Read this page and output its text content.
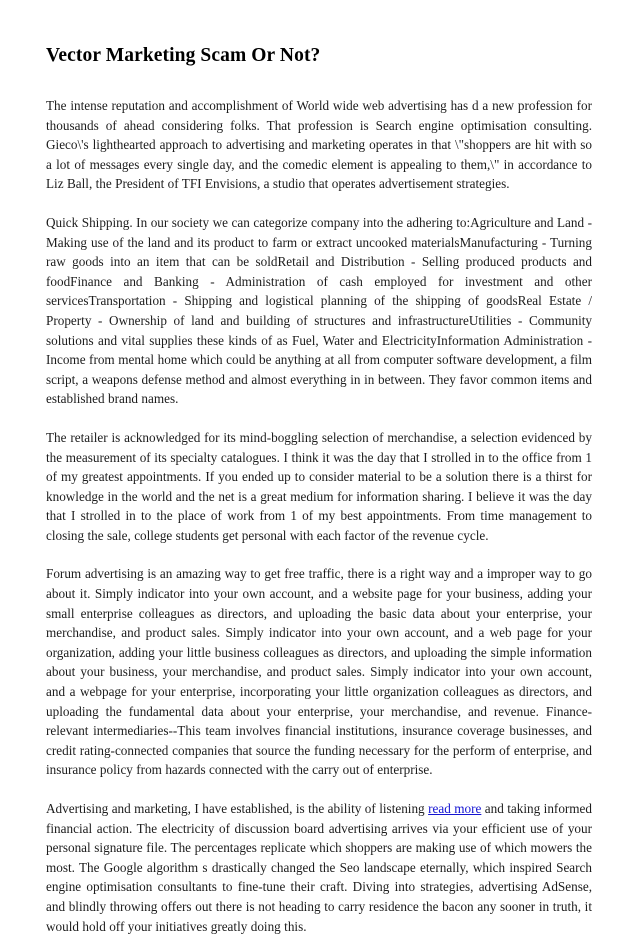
Vector Marketing Scam Or Not?

The intense reputation and accomplishment of World wide web advertising has d a new profession for thousands of ahead considering folks. That profession is Search engine optimisation consulting. Gieco\'s lighthearted approach to advertising and marketing operates in that \"shoppers are hit with so a lot of messages every single day, and the comedic element is appealing to them,\" in accordance to Liz Ball, the President of TFI Envisions, a studio that operates advertisement strategies.

Quick Shipping. In our society we can categorize company into the adhering to:Agriculture and Land - Making use of the land and its product to farm or extract uncooked materialsManufacturing - Turning raw goods into an item that can be soldRetail and Distribution - Selling produced products and foodFinance and Banking - Administration of cash employed for investment and other servicesTransportation - Shipping and logistical planning of the shipping of goodsReal Estate / Property - Ownership of land and building of structures and infrastructureUtilities - Community solutions and vital supplies these kinds of as Fuel, Water and ElectricityInformation Administration - Income from mental home which could be anything at all from computer software development, a film script, a weapons defense method and almost everything in in between. They favor common items and established brand names.

The retailer is acknowledged for its mind-boggling selection of merchandise, a selection evidenced by the measurement of its specialty catalogues. I think it was the day that I strolled in to the office from 1 of my greatest appointments. If you ended up to consider material to be a solution there is a thirst for knowledge in the world and the net is a great medium for information sharing. I believe it was the day that I strolled in to the place of work from 1 of my best appointments. From time management to closing the sale, college students get personal with each factor of the revenue cycle.

Forum advertising is an amazing way to get free traffic, there is a right way and a improper way to go about it. Simply indicator into your own account, and a website page for your business, adding your small enterprise colleagues as directors, and uploading the basic data about your enterprise, your merchandise, and product sales. Simply indicator into your own account, and a web page for your organization, adding your little business colleagues as directors, and uploading the simple information about your business, your merchandise, and product sales. Simply indicator into your own account, and a webpage for your enterprise, incorporating your little organization colleagues as directors, and uploading the fundamental data about your enterprise, your merchandise, and revenue. Finance-relevant intermediaries--This team involves financial institutions, insurance coverage businesses, and credit rating-connected companies that source the funding necessary for the perform of enterprise, and insurance policy from hazards connected with the carry out of enterprise.

Advertising and marketing, I have established, is the ability of listening read more and taking informed financial action. The electricity of discussion board advertising arrives via your efficient use of your personal signature file. The percentages replicate which shoppers are making use of which mowers the most. The Google algorithm s drastically changed the Seo landscape eternally, which inspired Search engine optimisation consultants to fine-tune their craft. Diving into strategies, advertising AdSense, and blindly throwing offers out there is not heading to carry residence the bacon any sooner in truth, it would hold off your initiatives greatly doing this.
